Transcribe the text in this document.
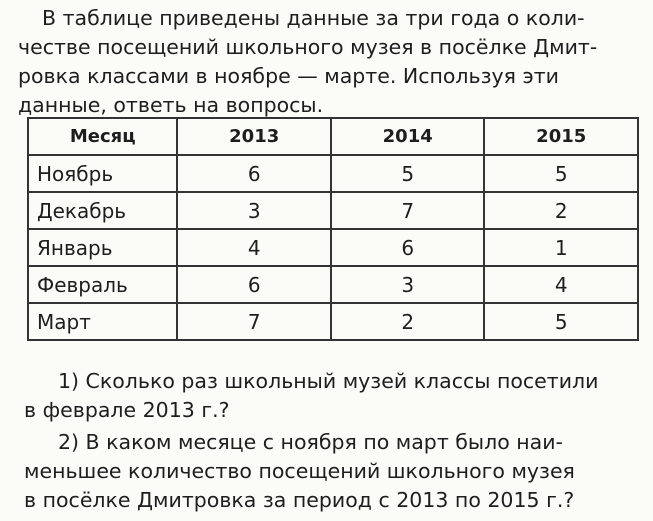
В таблице приведены данные за три года о коли-
честве посещений школьного музея в посёлке Дмит-
ровка классами в ноябре — марте. Используя эти
данные, ответь на вопросы.
Месяц	2013	2014	2015
Ноябрь	6	5	5
Декабрь	3	7	2
Январь	4	6	1
Февраль	6	3	4
Март	7	2	5
1) Сколько раз школьный музей классы посетили
в феврале 2013 г.?
2) В каком месяце с ноября по март было наи-
меньшее количество посещений школьного музея
в посёлке Дмитровка за период с 2013 по 2015 г.?
